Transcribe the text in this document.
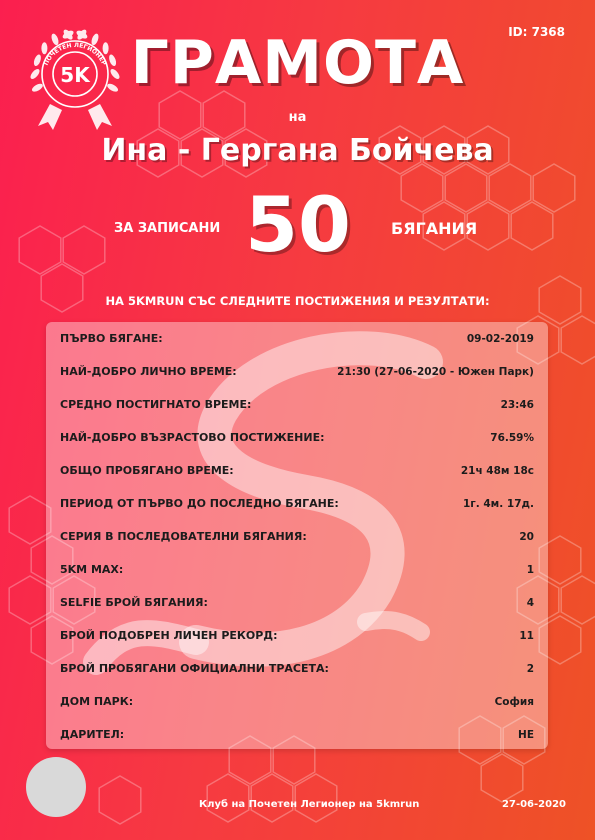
ПОЧЕТЕН ЛЕГИОНЕР
5K
ID: 7368
ГРАМОТА
на
Ина - Гергана Бойчева
ЗА ЗАПИСАНИ 50	БЯГАНИЯ
НА 5KMRUN СЪС СЛЕДНИТЕ ПОСТИЖЕНИЯ И РЕЗУЛТАТИ:
ПЪРВО БЯГАНЕ:	09-02-2019
НАЙ-ДОБРО ЛИЧНО ВРЕМЕ:	21:30 (27-06-2020 - Южен Парк)
СРЕДНО ПОСТИГНАТО ВРЕМЕ:	23:46
НАЙ-ДОБРО ВЪЗРАСТОВО ПОСТИЖЕНИЕ:	76.59%
ОБЩО ПРОБЯГАНО ВРЕМЕ:	21ч 48м 18с
ПЕРИОД ОТ ПЪРВО ДО ПОСЛЕДНО БЯГАНЕ:	1г. 4м. 17д.
СЕРИЯ В ПОСЛЕДОВАТЕЛНИ БЯГАНИЯ:	20
5KM MAX:	1
SELFIE БРОЙ БЯГАНИЯ:	4
БРОЙ ПОДОБРЕН ЛИЧЕН РЕКОРД:	11
БРОЙ ПРОБЯГАНИ ОФИЦИАЛНИ ТРАСЕТА:	2
ДОМ ПАРК:	София
ДАРИТЕЛ:	НЕ
Клуб на Почетен Легионер на 5kmrun	27-06-2020
